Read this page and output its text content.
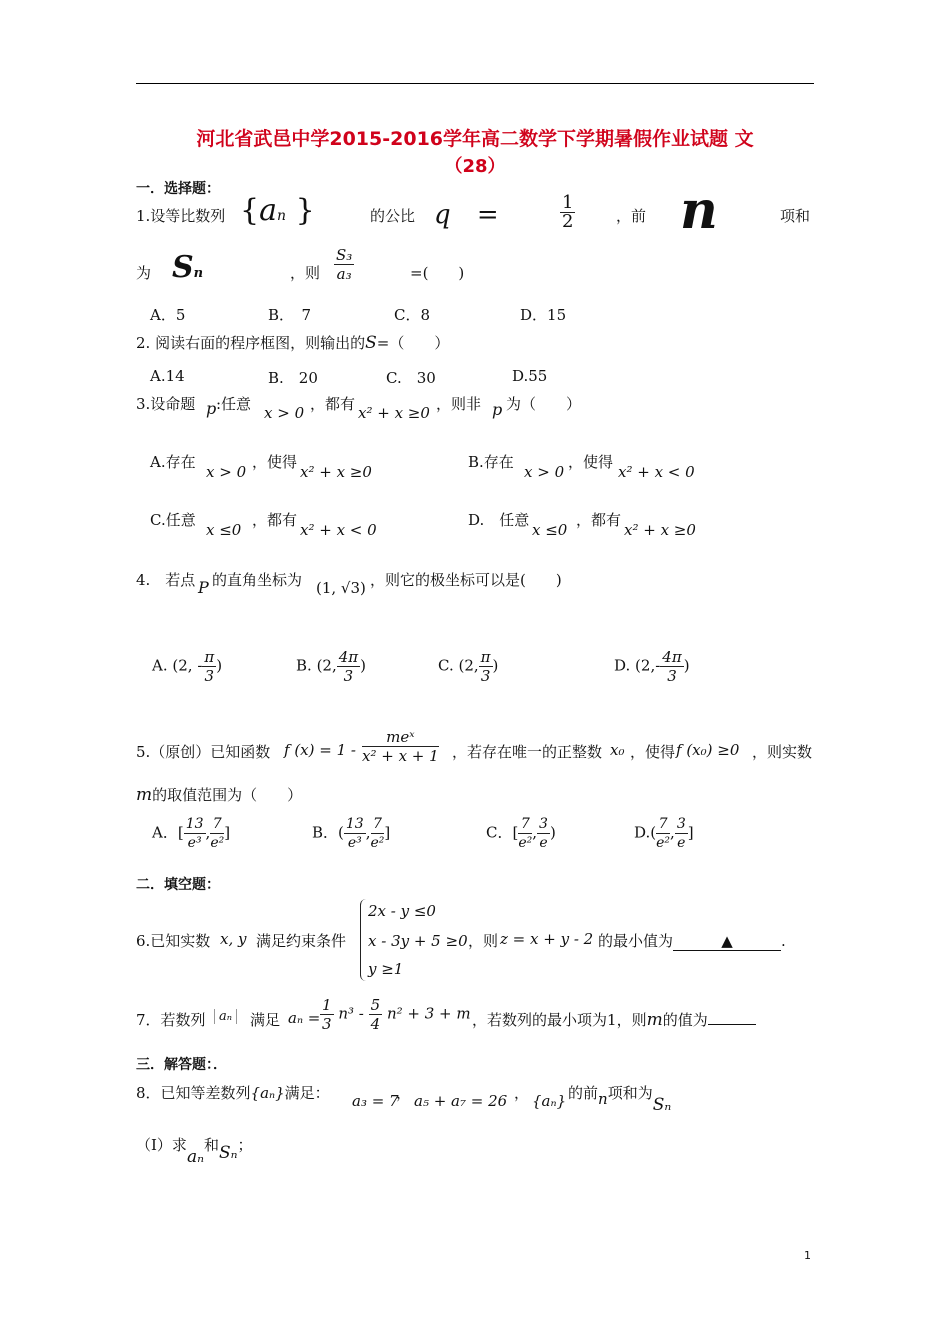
河北省武邑中学2015-2016学年高二数学下学期暑假作业试题 文
（28）
一．选择题：
1.设等比数列 {an }	的公比 q =	$\frac{1}{2}$	，前 n	项和
为 Sn	，则 $\frac{\text{S₃}}{\text{a₃}}$	=(　　)
A．5	B．　7	C．8	D．15
2. 阅读右面的程序框图，则输出的S=（　　）
A.14	B.　20	C.　30	D.55
3.设命题 p :任意 x > 0 ，都有 x² + x ≥0 ，则非 p 为（　　）
A.存在
x > 0
，使得
x² + x ≥0
B.存在
x > 0
，使得
x² + x < 0
C.任意
x ≤0
，都有
x² + x < 0
D.　任意
x ≤0
，都有
x² + x ≥0
4.　若点 P 的直角坐标为 (1, √3) ，则它的极坐标可以是(　　)
A. (2, - $\frac{\pi}{3}$ )	B. (2, $\frac{4\pi}{3}$ )	C. (2, $\frac{\pi}{3}$ )	D. ($2,- \frac{4\pi}{3}$ )
5.（原创）已知函数 f $(x) = 1 - \frac{\text{meˣ}}{\text{x² + x + 1}}$ ，若存在唯一的正整数 x₀ ，使得 f (x₀) ≥0 ，则实数
m的取值范围为（　　）
A．[ $\frac{13}{\text{e³}}$ , $\frac{7}{\text{e²}}$ ]	B．( $\frac{13}{\text{e³}}$ , $\frac{7}{\text{e²}}$ ]	C．[ $\frac{7}{\text{e²}}$ , $\frac{3}{e}$ )	$D.( \frac{7}{\text{e²}}$ , $\frac{3}{e}$ ]
二．填空题：
6.已知实数 x, y 满足约束条件
2x - y ≤0
x - 3y + 5 ≥0
y ≥1
，则 z = x + y - 2 的最小值为	▲	.
7．若数列	aₙ	满足 $a_n = \frac{1}{3} n^3 - \frac{5}{4} n^2 + 3 + m$ ，若数列的最小项为1，则m的值为
三．解答题：．
8．已知等差数列{aₙ}满足： a₃ = 7
， a₅ + a₇ = 26 ， {aₙ} 的前n项和为Sₙ
（Ⅰ）求aₙ和Sₙ；
1
